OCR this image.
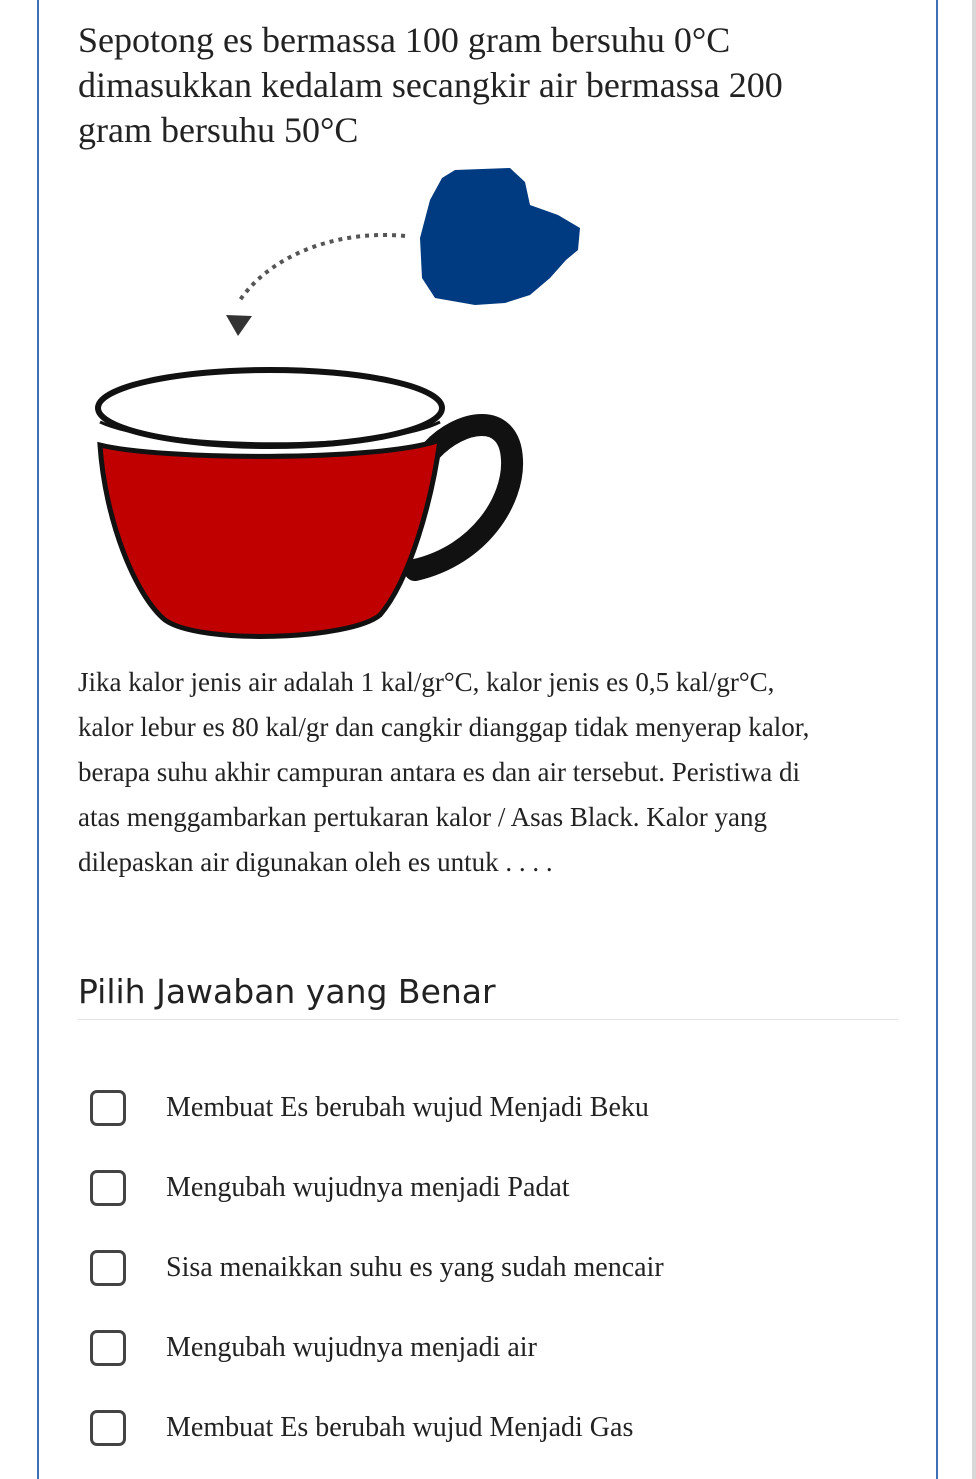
Sepotong es bermassa 100 gram bersuhu 0°C
dimasukkan kedalam secangkir air bermassa 200
gram bersuhu 50°C
Jika kalor jenis air adalah 1 kal/gr°C, kalor jenis es 0,5 kal/gr°C,
kalor lebur es 80 kal/gr dan cangkir dianggap tidak menyerap kalor,
berapa suhu akhir campuran antara es dan air tersebut. Peristiwa di
atas menggambarkan pertukaran kalor / Asas Black. Kalor yang
dilepaskan air digunakan oleh es untuk . . . .
Pilih Jawaban yang Benar
Membuat Es berubah wujud Menjadi Beku
Mengubah wujudnya menjadi Padat
Sisa menaikkan suhu es yang sudah mencair
Mengubah wujudnya menjadi air
Membuat Es berubah wujud Menjadi Gas
